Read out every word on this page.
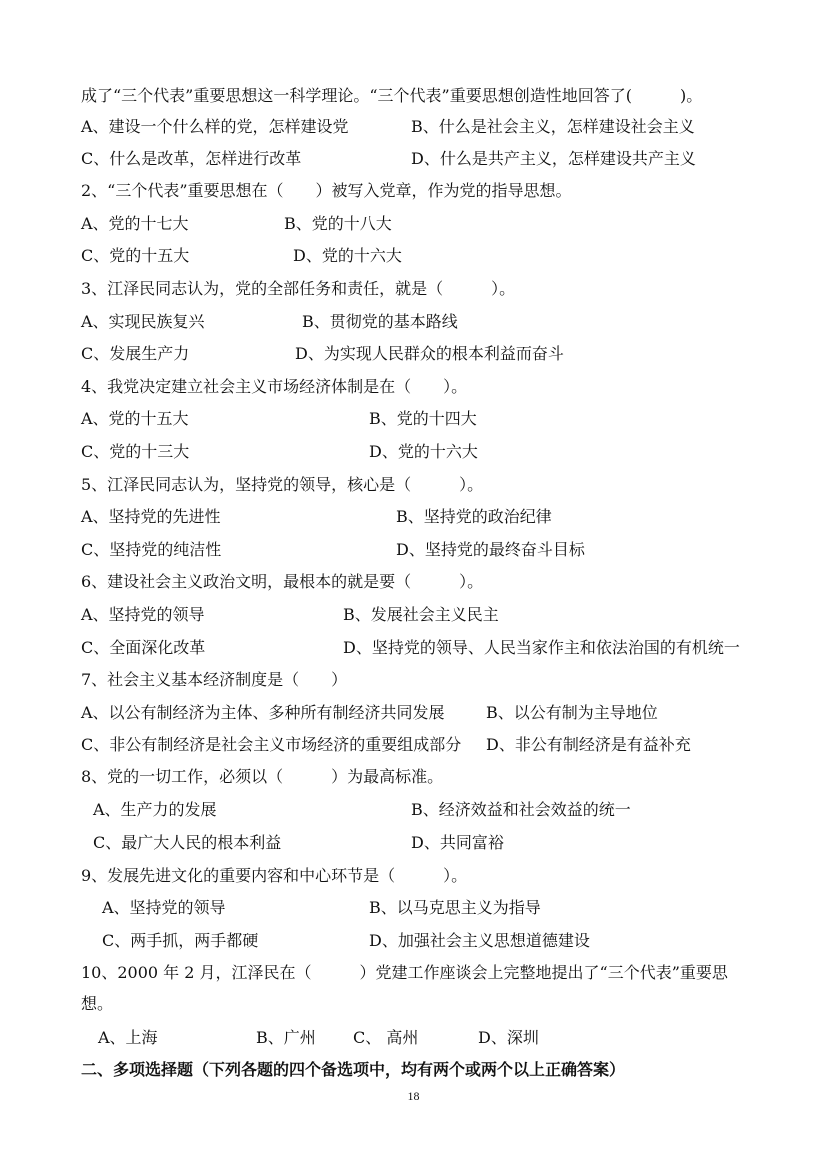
成了“三个代表”重要思想这一科学理论。“三个代表”重要思想创造性地回答了(　　　)。
A、建设一个什么样的党，怎样建设党	B、什么是社会主义，怎样建设社会主义
C、什么是改革，怎样进行改革	D、什么是共产主义，怎样建设共产主义
2、“三个代表”重要思想在（　　）被写入党章，作为党的指导思想。
A、党的十七大	B、党的十八大
C、党的十五大	D、党的十六大
3、江泽民同志认为，党的全部任务和责任，就是（　　　）。
A、实现民族复兴	B、贯彻党的基本路线
C、发展生产力	D、为实现人民群众的根本利益而奋斗
4、我党决定建立社会主义市场经济体制是在（　　）。
A、党的十五大	B、党的十四大
C、党的十三大	D、党的十六大
5、江泽民同志认为，坚持党的领导，核心是（　　　）。
A、坚持党的先进性	B、坚持党的政治纪律
C、坚持党的纯洁性	D、坚持党的最终奋斗目标
6、建设社会主义政治文明，最根本的就是要（　　　）。
A、坚持党的领导	B、发展社会主义民主
C、全面深化改革	D、坚持党的领导、人民当家作主和依法治国的有机统一
7、社会主义基本经济制度是（　　）
A、以公有制经济为主体、多种所有制经济共同发展	B、以公有制为主导地位
C、非公有制经济是社会主义市场经济的重要组成部分 D、非公有制经济是有益补充
8、党的一切工作，必须以（　　　）为最高标准。
A、生产力的发展	B、经济效益和社会效益的统一
C、最广大人民的根本利益	D、共同富裕
9、发展先进文化的重要内容和中心环节是（　　　）。
A、坚持党的领导	B、以马克思主义为指导
C、两手抓，两手都硬	D、加强社会主义思想道德建设
10、2000 年 2 月，江泽民在（　　　）党建工作座谈会上完整地提出了“三个代表”重要思
想。
A、上海	B、广州 C、 高州	D、深圳
二、多项选择题（下列各题的四个备选项中，均有两个或两个以上正确答案）
18
